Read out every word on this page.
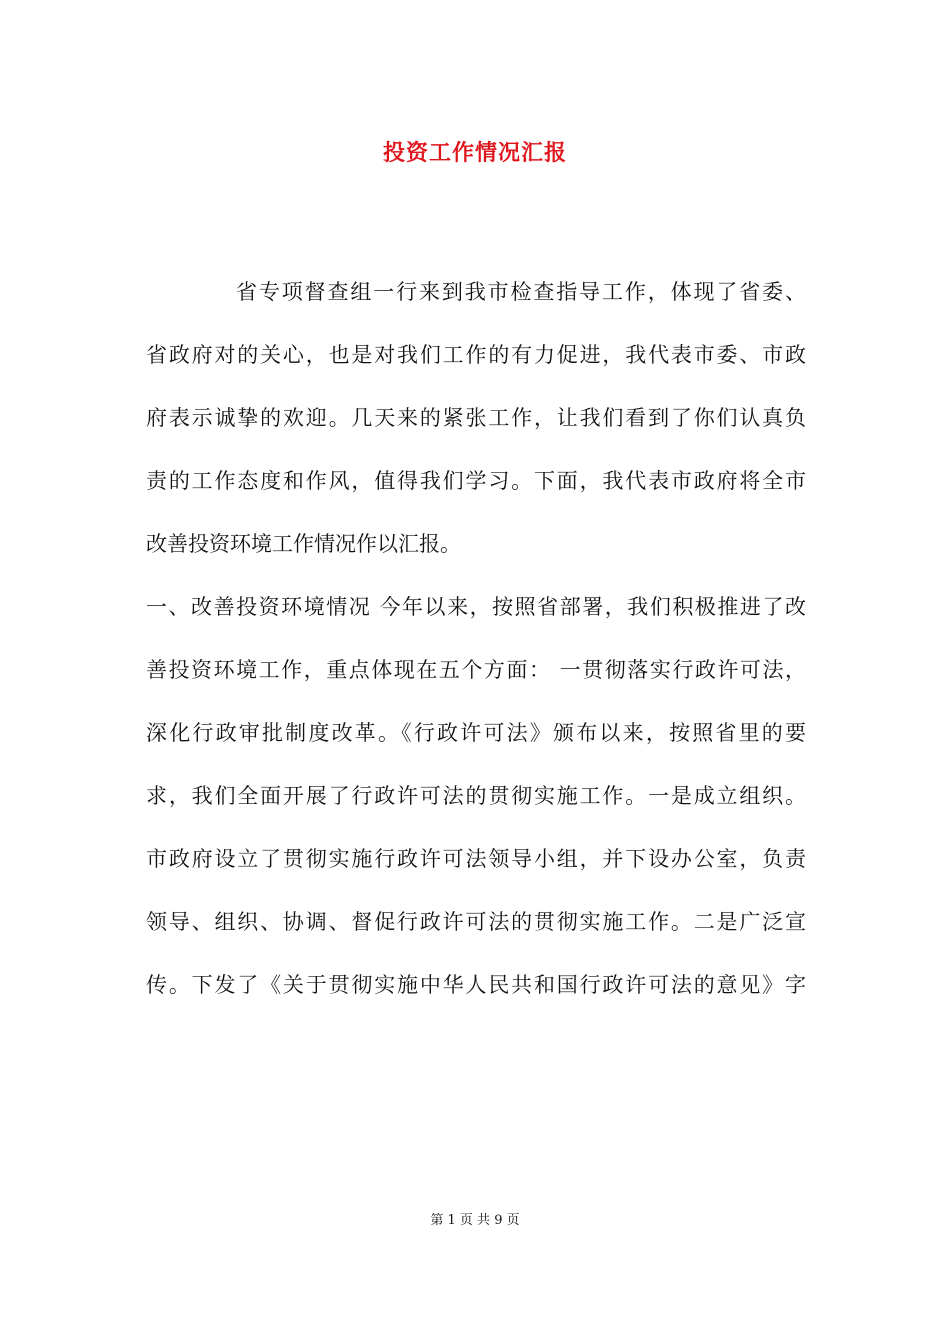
投资工作情况汇报
省专项督查组一行来到我市检查指导工作，体现了省委、
省政府对的关心，也是对我们工作的有力促进，我代表市委、市政
府表示诚挚的欢迎。几天来的紧张工作，让我们看到了你们认真负
责的工作态度和作风，值得我们学习。下面，我代表市政府将全市
改善投资环境工作情况作以汇报。
一、改善投资环境情况 今年以来，按照省部署，我们积极推进了改
善投资环境工作，重点体现在五个方面： 一贯彻落实行政许可法，
深化行政审批制度改革。《行政许可法》颁布以来，按照省里的要
求，我们全面开展了行政许可法的贯彻实施工作。一是成立组织。
市政府设立了贯彻实施行政许可法领导小组，并下设办公室，负责
领导、组织、协调、督促行政许可法的贯彻实施工作。二是广泛宣
传。下发了《关于贯彻实施中华人民共和国行政许可法的意见》字
第 1 页 共 9 页
